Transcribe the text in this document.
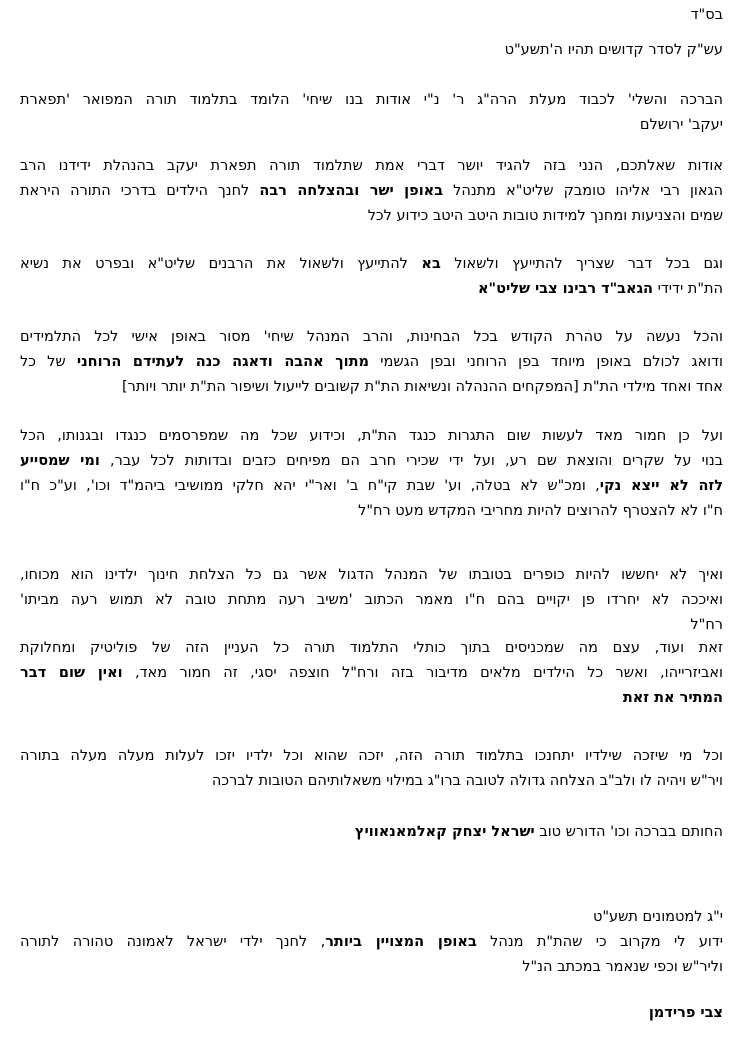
בס"ד
עש"ק לסדר קדושים תהיו ה'תשע"ט
הברכה והשלי' לכבוד מעלת הרה"ג ר' נ"י אודות בנו שיחי' הלומד בתלמוד תורה המפואר 'תפארת
יעקב' ירושלם
אודות שאלתכם, הנני בזה להגיד יושר דברי אמת שתלמוד תורה תפארת יעקב בהנהלת ידידנו הרב
הגאון רבי אליהו טומבק שליט"א מתנהל באופן ישר ובהצלחה רבה לחנך הילדים בדרכי התורה היראת
שמים והצניעות ומחנך למידות טובות היטב היטב כידוע לכל
וגם בכל דבר שצריך להתייעץ ולשאול בא להתייעץ ולשאול את הרבנים שליט"א ובפרט את נשיא
הת"ת ידידי הגאב"ד רבינו צבי שליט"א
והכל נעשה על טהרת הקודש בכל הבחינות, והרב המנהל שיחי' מסור באופן אישי לכל התלמידים
ודואג לכולם באופן מיוחד בפן הרוחני ובפן הגשמי מתוך אהבה ודאגה כנה לעתידם הרוחני של כל
אחד ואחד מילדי הת"ת [המפקחים ההנהלה ונשיאות הת"ת קשובים לייעול ושיפור הת"ת יותר ויותר]
ועל כן חמור מאד לעשות שום התגרות כנגד הת"ת, וכידוע שכל מה שמפרסמים כנגדו ובגנותו, הכל
בנוי על שקרים והוצאת שם רע, ועל ידי שכירי חרב הם מפיחים כזבים ובדותות לכל עבר, ומי שמסייע
לזה לא ייצא נקי, ומכ"ש לא בטלה, וע' שבת קי"ח ב' ואר"י יהא חלקי ממושיבי ביהמ"ד וכו', וע"כ ח"ו
ח"ו לא להצטרף להרוצים להיות מחריבי המקדש מעט רח"ל
ואיך לא יחששו להיות כופרים בטובתו של המנהל הדגול אשר גם כל הצלחת חינוך ילדינו הוא מכוחו,
ואיככה לא יחרדו פן יקויים בהם ח"ו מאמר הכתוב 'משיב רעה מתחת טובה לא תמוש רעה מביתו'
רח"ל
זאת ועוד, עצם מה שמכניסים בתוך כותלי התלמוד תורה כל העניין הזה של פוליטיק ומחלוקת
ואביזרייהו, ואשר כל הילדים מלאים מדיבור בזה ורח"ל חוצפה יסגי, זה חמור מאד, ואין שום דבר
המתיר את זאת
וכל מי שיזכה שילדיו יתחנכו בתלמוד תורה הזה, יזכה שהוא וכל ילדיו יזכו לעלות מעלה מעלה בתורה
ויר"ש ויהיה לו ולב"ב הצלחה גדולה לטובה ברו"ג במילוי משאלותיהם הטובות לברכה
החותם בברכה וכו' הדורש טוב ישראל יצחק קאלמאנאוויץ
י"ג למטמונים תשע"ט
ידוע לי מקרוב כי שהת"ת מנהל באופן המצויין ביותר, לחנך ילדי ישראל לאמונה טהורה לתורה
וליר"ש וכפי שנאמר במכתב הנ"ל
צבי פרידמן
